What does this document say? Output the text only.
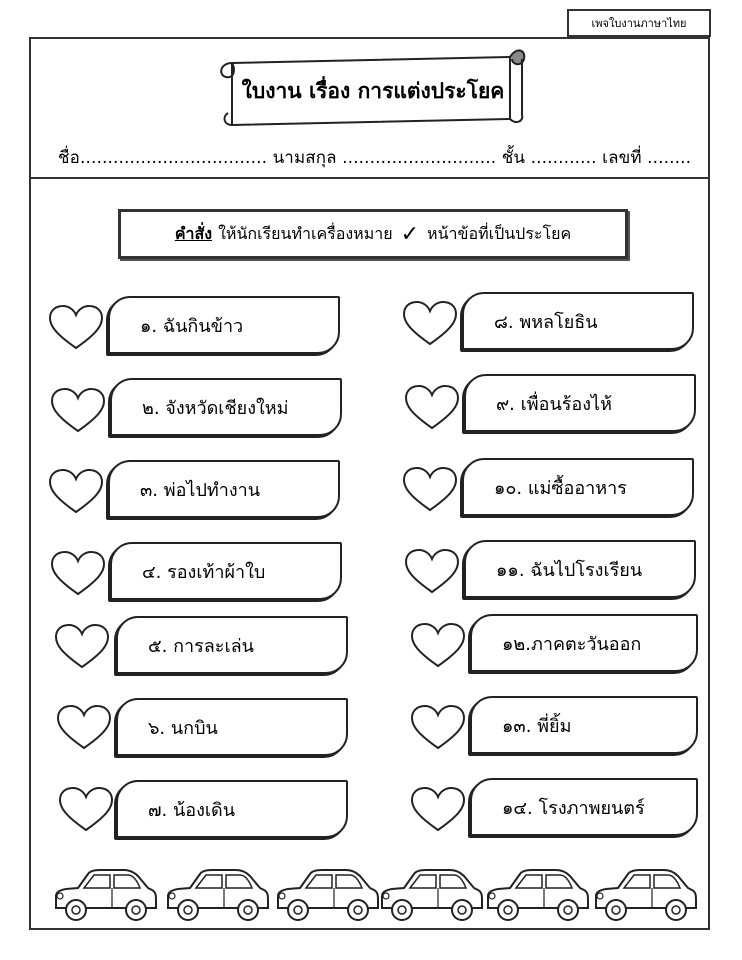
เพจใบงานภาษาไทย
ใบงาน เรื่อง การแต่งประโยค
ชื่อ.................................. นามสกุล ............................ ชั้น ............ เลขที่ ........
คำสั่ง ให้นักเรียนทำเครื่องหมาย ✓ หน้าข้อที่เป็นประโยค
๑. ฉันกินข้าว
๒. จังหวัดเชียงใหม่
๓. พ่อไปทำงาน
๔. รองเท้าผ้าใบ
๕. การละเล่น
๖. นกบิน
๗. น้องเดิน
๘. พหลโยธิน
๙. เพื่อนร้องไห้
๑๐. แม่ซื้ออาหาร
๑๑. ฉันไปโรงเรียน
๑๒.ภาคตะวันออก
๑๓. พี่ยิ้ม
๑๔. โรงภาพยนตร์
